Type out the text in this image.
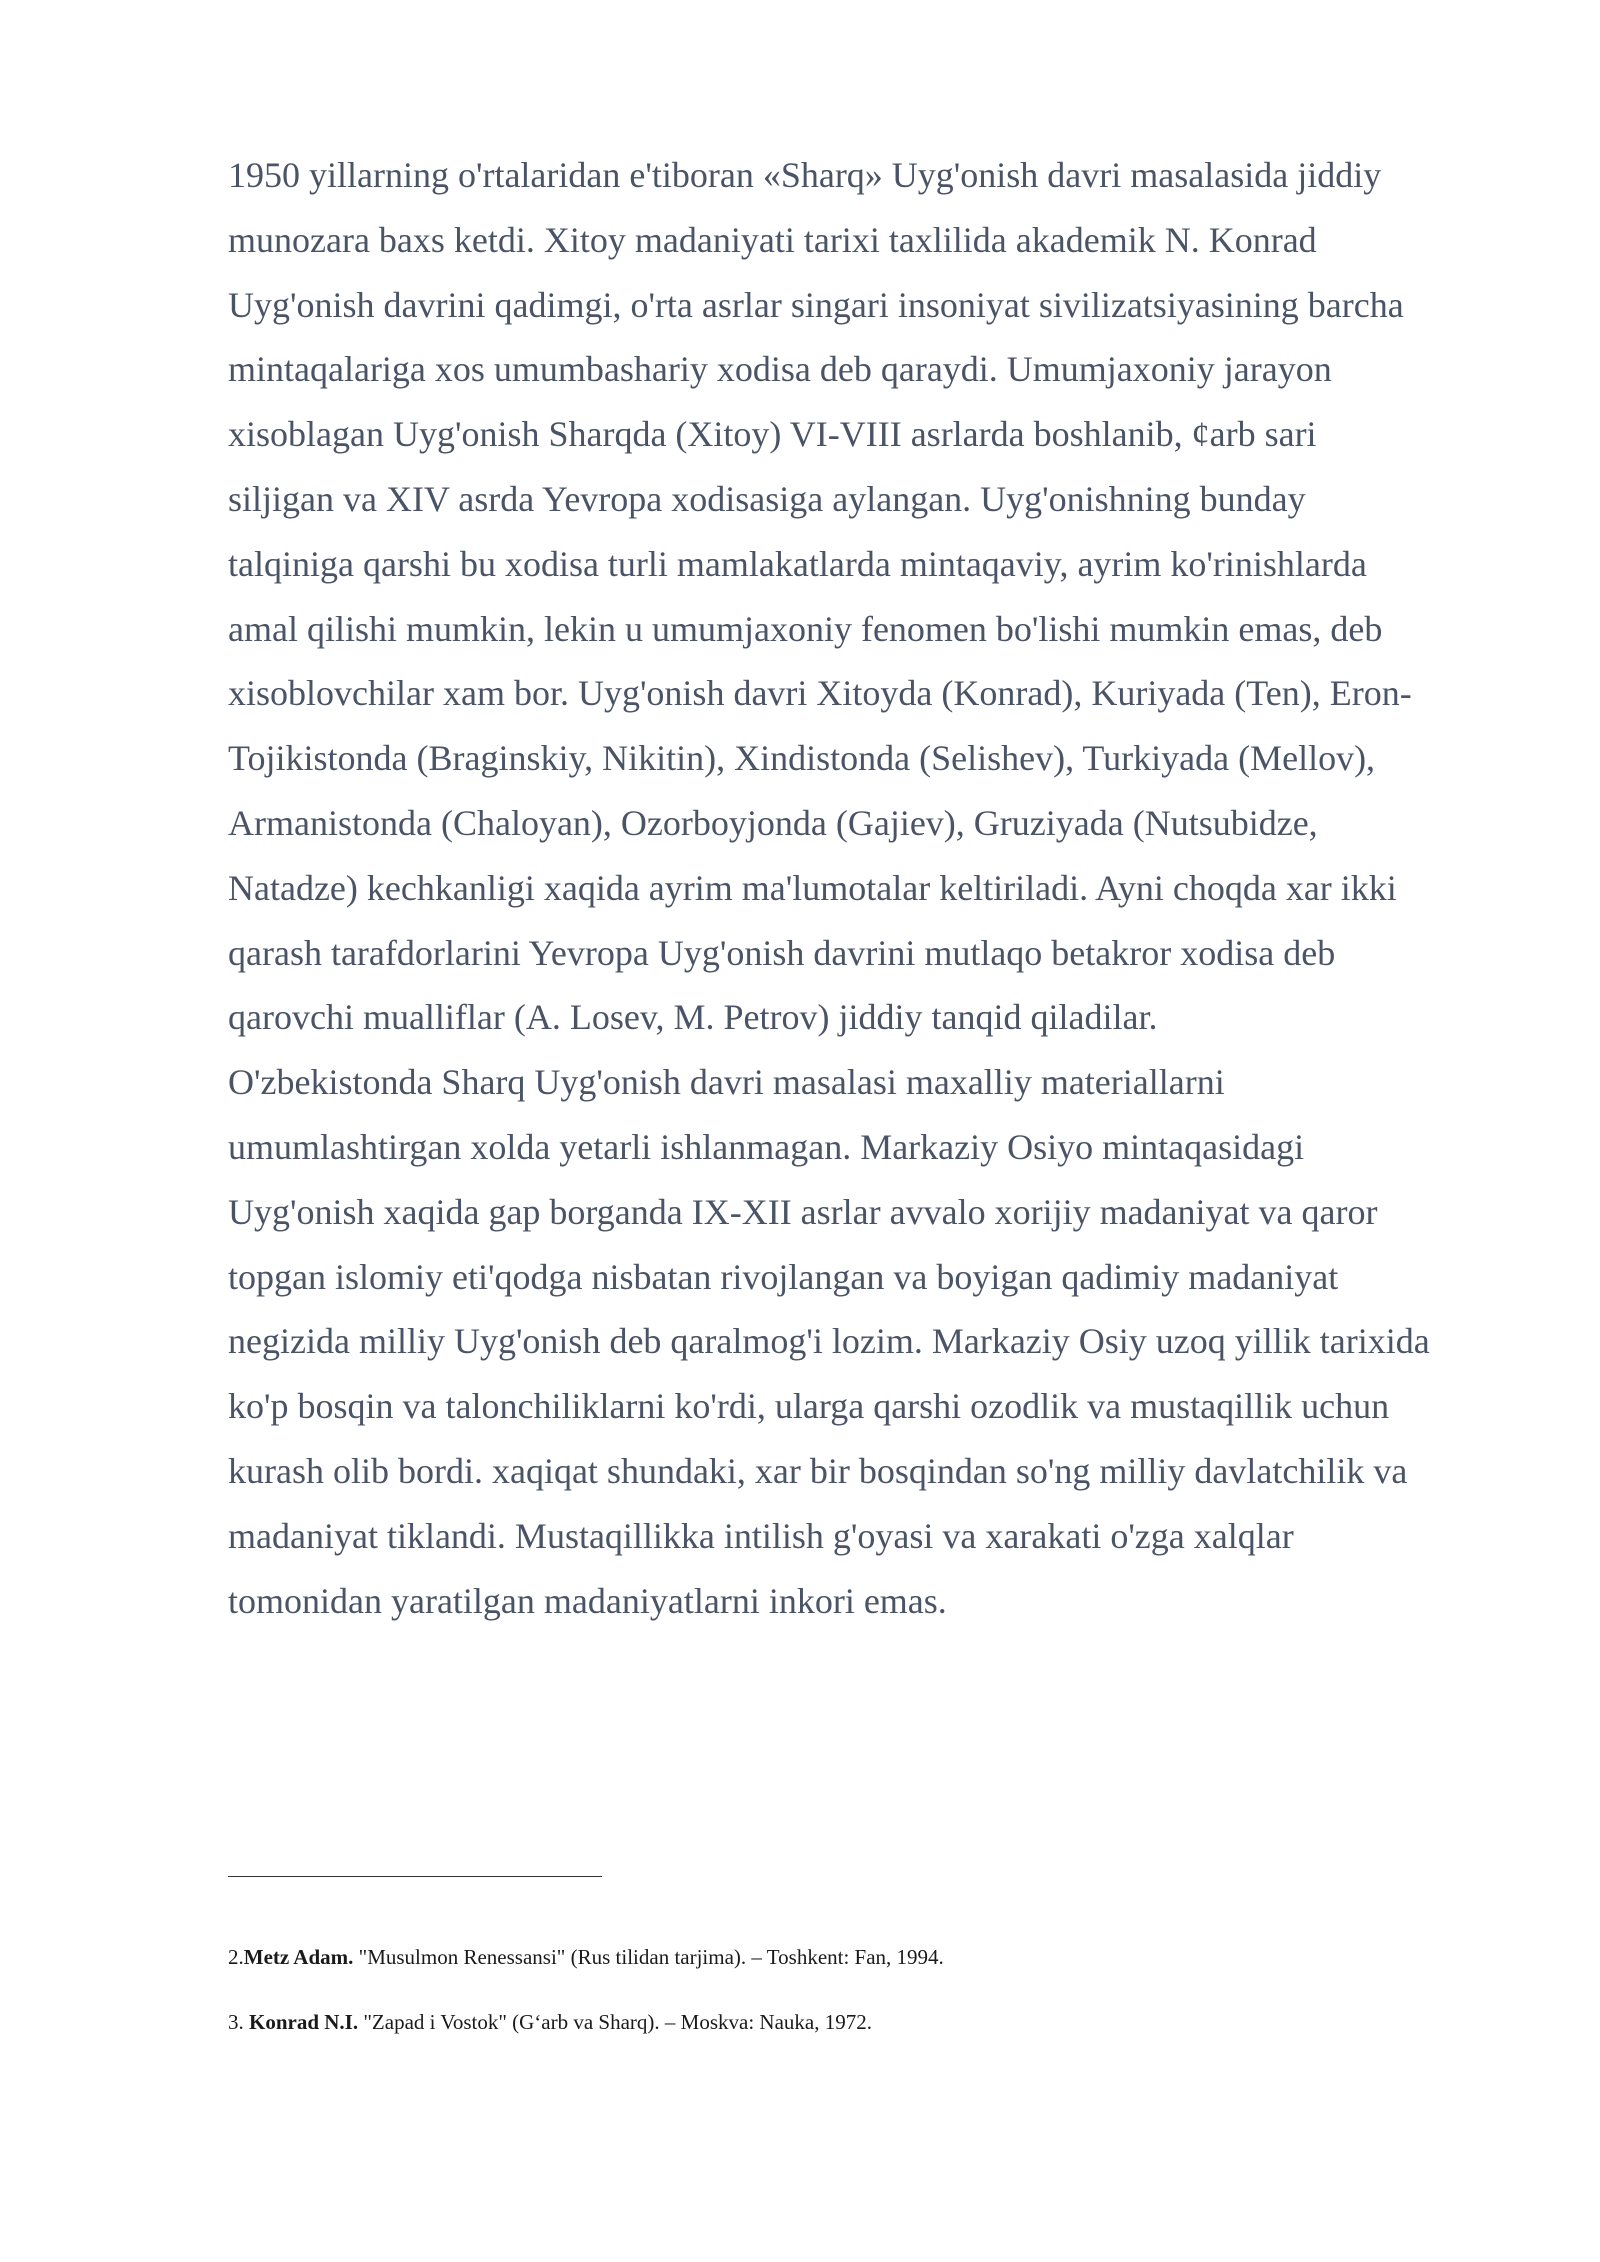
1950 yillarning o'rtalaridan e'tiboran «Sharq» Uyg'onish davri masalasida jiddiy
munozara baxs ketdi. Xitoy madaniyati tarixi taxlilida akademik N. Konrad
Uyg'onish davrini qadimgi, o'rta asrlar singari insoniyat sivilizatsiyasining barcha
mintaqalariga xos umumbashariy xodisa deb qaraydi. Umumjaxoniy jarayon
xisoblagan Uyg'onish Sharqda (Xitoy) VI-VIII asrlarda boshlanib, ¢arb sari
siljigan va XIV asrda Yevropa xodisasiga aylangan. Uyg'onishning bunday
talqiniga qarshi bu xodisa turli mamlakatlarda mintaqaviy, ayrim ko'rinishlarda
amal qilishi mumkin, lekin u umumjaxoniy fenomen bo'lishi mumkin emas, deb
xisoblovchilar xam bor. Uyg'onish davri Xitoyda (Konrad), Kuriyada (Ten), Eron-
Tojikistonda (Braginskiy, Nikitin), Xindistonda (Selishev), Turkiyada (Mellov),
Armanistonda (Chaloyan), Ozorboyjonda (Gajiev), Gruziyada (Nutsubidze,
Natadze) kechkanligi xaqida ayrim ma'lumotalar keltiriladi. Ayni choqda xar ikki
qarash tarafdorlarini Yevropa Uyg'onish davrini mutlaqo betakror xodisa deb
qarovchi mualliflar (A. Losev, M. Petrov) jiddiy tanqid qiladilar.
O'zbekistonda Sharq Uyg'onish davri masalasi maxalliy materiallarni
umumlashtirgan xolda yetarli ishlanmagan. Markaziy Osiyo mintaqasidagi
Uyg'onish xaqida gap borganda IX-XII asrlar avvalo xorijiy madaniyat va qaror
topgan islomiy eti'qodga nisbatan rivojlangan va boyigan qadimiy madaniyat
negizida milliy Uyg'onish deb qaralmog'i lozim. Markaziy Osiy uzoq yillik tarixida
ko'p bosqin va talonchiliklarni ko'rdi, ularga qarshi ozodlik va mustaqillik uchun
kurash olib bordi. xaqiqat shundaki, xar bir bosqindan so'ng milliy davlatchilik va
madaniyat tiklandi. Mustaqillikka intilish g'oyasi va xarakati o'zga xalqlar
tomonidan yaratilgan madaniyatlarni inkori emas.
2.Metz Adam. "Musulmon Renessansi" (Rus tilidan tarjima). – Toshkent: Fan, 1994.
3. Konrad N.I. "Zapad i Vostok" (G‘arb va Sharq). – Moskva: Nauka, 1972.
